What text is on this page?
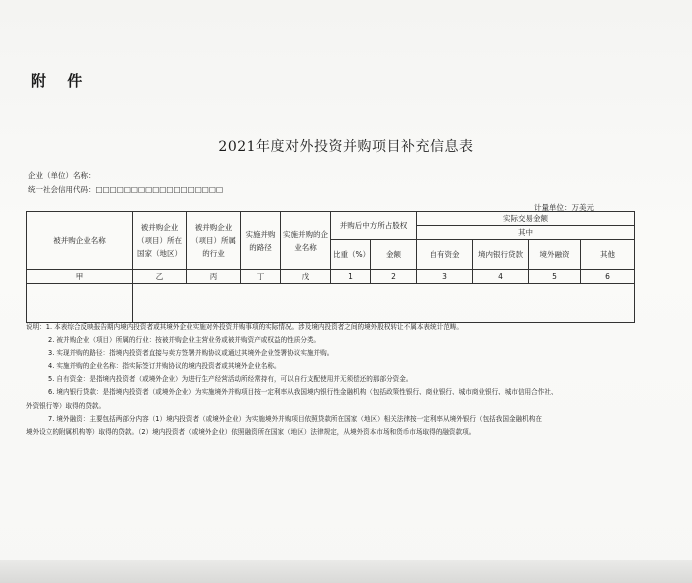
附 件
2021年度对外投资并购项目补充信息表
企业（单位）名称：
统一社会信用代码：□□□□□□□□□□□□□□□□□□
计量单位：万美元
被并购企业名称	被并购企业（项目）所在国家（地区）	被并购企业（项目）所属的行业	实施并购的路径	实施并购的企业名称	并购后中方所占股权		实际交易金额			
							其中			
					比重（%）	金额	自有资金	境内银行贷款	境外融资	其他
甲	乙	丙	丁	戊	1	2	3	4	5	6

说明：1. 本表综合反映报告期内境内投资者或其境外企业实施对外投资并购事项的实际情况。涉及境内投资者之间的境外股权转让不属本表统计范畴。
2. 被并购企业（项目）所属的行业：按被并购企业主营业务或被并购资产或权益的性质分类。
3. 实现并购的路径：指境内投资者直接与卖方签署并购协议或通过其境外企业签署协议实施并购。
4. 实施并购的企业名称：指实际签订并购协议的境内投资者或其境外企业名称。
5. 自有资金：是指境内投资者（或境外企业）为进行生产经营活动所经常持有，可以自行支配使用并无须偿还的那部分资金。
6. 境内银行贷款：是指境内投资者（或境外企业）为实施境外并购项目按一定利率从我国境内银行性金融机构（包括政策性银行、商业银行、城市商业银行、城市信用合作社、
外资银行等）取得的贷款。
7. 境外融资：主要包括两部分内容（1）境内投资者（或境外企业）为实施境外并购项目依照贷款所在国家（地区）相关法律按一定利率从境外银行（包括我国金融机构在
境外设立的附属机构等）取得的贷款。（2）境内投资者（或境外企业）依照融资所在国家（地区）法律规定，从境外资本市场和货币市场取得的融资款项。
